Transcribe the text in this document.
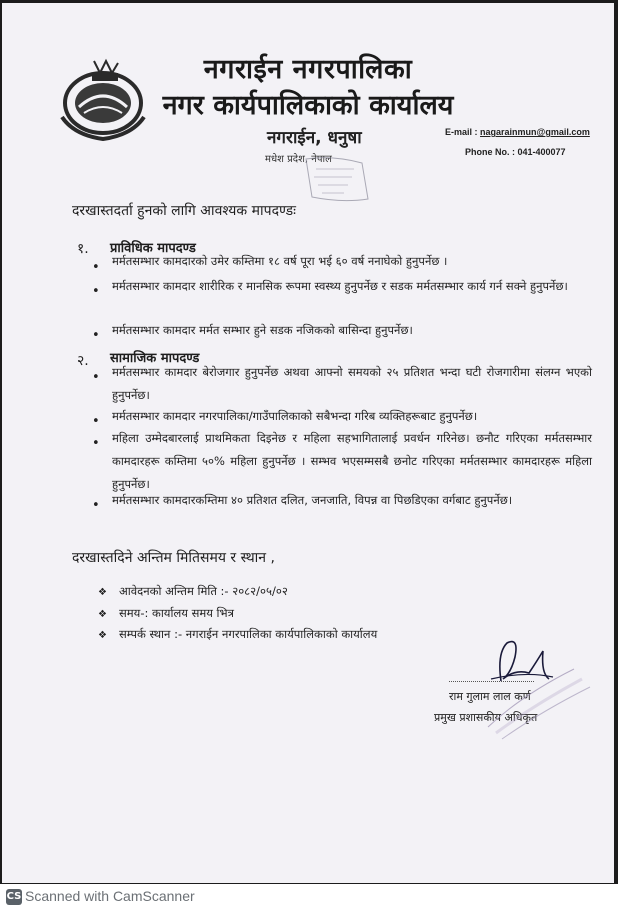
नगराईन नगरपालिका
नगर कार्यपालिकाको कार्यालय
नगराईन, धनुषा
मधेश प्रदेश, नेपाल
E-mail : nagarainmun@gmail.com
Phone No. : 041-400077
दरखास्तदर्ता हुनको लागि आवश्यक मापदण्डः
१. प्राविधिक मापदण्ड
• मर्मतसम्भार कामदारको उमेर कम्तिमा १८ वर्ष पूरा भई ६० वर्ष ननाघेको हुनुपर्नेछ ।
• मर्मतसम्भार कामदार शारीरिक र मानसिक रूपमा स्वस्थ्य हुनुपर्नेछ र सडक मर्मतसम्भार कार्य गर्न सक्ने हुनुपर्नेछ।
• मर्मतसम्भार कामदार मर्मत सम्भार हुने सडक नजिकको बासिन्दा हुनुपर्नेछ।
२. सामाजिक मापदण्ड
• मर्मतसम्भार कामदार बेरोजगार हुनुपर्नेछ अथवा आफ्नो समयको २५ प्रतिशत भन्दा घटी रोजगारीमा संलग्न भएको हुनुपर्नेछ।
• मर्मतसम्भार कामदार नगरपालिका/गाउँपालिकाको सबैभन्दा गरिब व्यक्तिहरूबाट हुनुपर्नेछ।
• महिला उम्मेदबारलाई प्राथमिकता दिइनेछ र महिला सहभागितालाई प्रवर्धन गरिनेछ। छनौट गरिएका मर्मतसम्भार कामदारहरू कम्तिमा ५०% महिला हुनुपर्नेछ । सम्भव भएसम्मसबै छनोट गरिएका मर्मतसम्भार कामदारहरू महिला हुनुपर्नेछ।
• मर्मतसम्भार कामदारकम्तिमा ४० प्रतिशत दलित, जनजाति, विपन्न वा पिछडिएका वर्गबाट हुनुपर्नेछ।
दरखास्तदिने अन्तिम मितिसमय र स्थान ,
❖ आवेदनको अन्तिम मिति :- २०८२/०५/०२
❖ समय-: कार्यालय समय भित्र
❖ सम्पर्क स्थान :- नगराईन नगरपालिका कार्यपालिकाको कार्यालय
राम गुलाम लाल कर्ण
प्रमुख प्रशासकीय अधिकृत
CS Scanned with CamScanner
